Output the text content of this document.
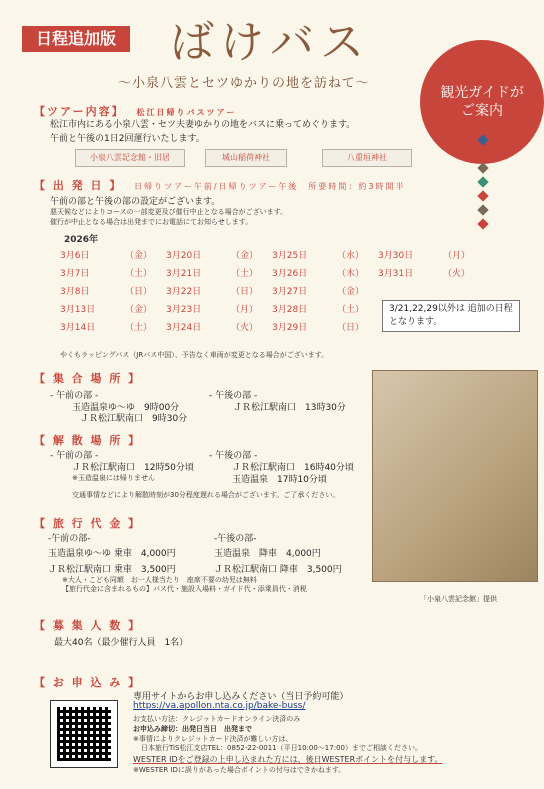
日程追加版	ばけバス
〜小泉八雲とセツゆかりの地を訪ねて〜
観光ガイドが
ご案内
【ツアー内容】 松江日帰りバスツアー
松江市内にある小泉八雲・セツ夫妻ゆかりの地をバスに乗ってめぐります。
午前と午後の1日2回運行いたします。
小泉八雲記念館・旧居	城山稲荷神社	八重垣神社
【 出 発 日 】 日帰りツアー午前/日帰りツアー午後　所要時間：約3時間半
午前の部と午後の部の設定がございます。
悪天候などによりコースの一部変更及び催行中止となる場合がございます。
催行が中止となる場合は出発までにお電話にてお知らせします。
2026年
3月6日	（金） 3月20日	（金） 3月25日	（水） 3月30日	（月）
3月7日	（土） 3月21日	（土） 3月26日	（木） 3月31日	（火）
3月8日	（日） 3月22日	（日） 3月27日	（金）
3月13日	（金） 3月23日	（月） 3月28日	（土）
3月14日	（土） 3月24日	（火） 3月29日	（日）
3/21,22,29以外は 追加の日程となります。
やくもラッピングバス（JRバス中国）、予告なく車両が変更となる場合がございます。
【 集 合 場 所 】
- 午前の部 -	- 午後の部 -
玉造温泉ゆ〜ゆ　9時00分
ＪＲ松江駅南口　9時30分
ＪＲ松江駅南口　13時30分
【 解 散 場 所 】
- 午前の部 -	- 午後の部 -
ＪＲ松江駅南口　12時50分頃
※玉造温泉には帰りません
ＪＲ松江駅南口　16時40分頃
玉造温泉　17時10分頃
交通事情などにより解散時刻が30分程度遅れる場合がございます。ご了承ください。
【 旅 行 代 金 】
-午前の部-	-午後の部-
玉造温泉ゆ〜ゆ 乗車　4,000円
ＪＲ松江駅南口 乗車　3,500円
玉造温泉　降車　4,000円
ＪＲ松江駅南口 降車　3,500円
※大人・こども同額　お一人様当たり　座席不要の幼児は無料
【旅行代金に含まれるもの】バス代・施設入場料・ガイド代・添乗員代・消税
「小泉八雲記念館」提供
【 募 集 人 数 】
最大40名（最少催行人員　1名）
【 お 申 込 み 】
専用サイトからお申し込みください（当日予約可能）
https://va.apollon.nta.co.jp/bake-buss/
お支払い方法：クレジットカードオンライン決済のみ
お申込み締切：出発日当日　出発まで
※事情によりクレジットカード決済が難しい方は、
日本旅行TiS松江支店TEL：0852-22-0011（平日10:00〜17:00）までご相談ください。
WESTER IDをご登録の上申し込まれた方には、後日WESTERポイントを付与します。
※WESTER IDに誤りがあった場合ポイントの付与はできかねます。
